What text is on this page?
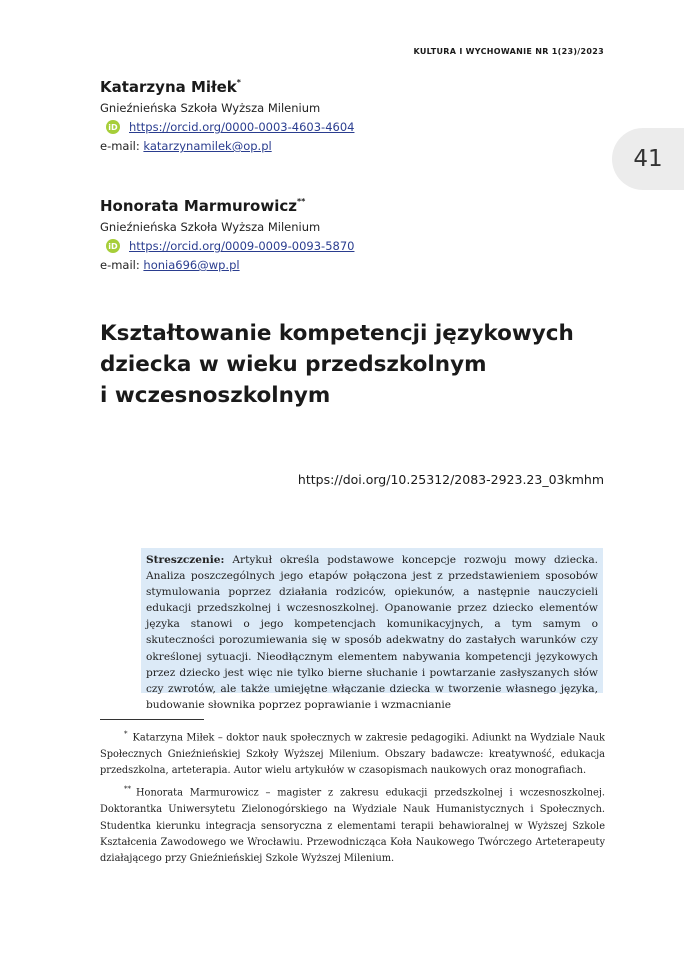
KULTURA I WYCHOWANIE NR 1(23)/2023
41
Katarzyna Miłek*
Gnieźnieńska Szkoła Wyższa Milenium
iD https://orcid.org/0000-0003-4603-4604
e-mail: katarzynamilek@op.pl
Honorata Marmurowicz**
Gnieźnieńska Szkoła Wyższa Milenium
iD https://orcid.org/0009-0009-0093-5870
e-mail: honia696@wp.pl
Kształtowanie kompetencji językowych
dziecka w wieku przedszkolnym
i wczesnoszkolnym
https://doi.org/10.25312/2083-2923.23_03kmhm
Streszczenie: Artykuł określa podstawowe koncepcje rozwoju mowy dziecka. Analiza poszczególnych jego etapów połączona jest z przedstawieniem sposobów stymulowania poprzez działania rodziców, opiekunów, a następnie nauczycieli edukacji przedszkolnej i wczesnoszkolnej. Opanowanie przez dziecko elementów języka stanowi o jego kompetencjach komunikacyjnych, a tym samym o skuteczności porozumiewania się w sposób adekwatny do zastałych warunków czy określonej sytuacji. Nieodłącznym elementem nabywania kompetencji językowych przez dziecko jest więc nie tylko bierne słuchanie i powtarzanie zasłyszanych słów czy zwrotów, ale także umiejętne włączanie dziecka w tworzenie własnego języka, budowanie słownika poprzez poprawianie i wzmacnianie

* Katarzyna Miłek – doktor nauk społecznych w zakresie pedagogiki. Adiunkt na Wydziale Nauk Społecznych Gnieźnieńskiej Szkoły Wyższej Milenium. Obszary badawcze: kreatywność, edukacja przedszkolna, arteterapia. Autor wielu artykułów w czasopismach naukowych oraz monografiach.

** Honorata Marmurowicz – magister z zakresu edukacji przedszkolnej i wczesnoszkolnej. Doktorantka Uniwersytetu Zielonogórskiego na Wydziale Nauk Humanistycznych i Społecznych. Studentka kierunku integracja sensoryczna z elementami terapii behawioralnej w Wyższej Szkole Kształcenia Zawodowego we Wrocławiu. Przewodnicząca Koła Naukowego Twórczego Arteterapeuty działającego przy Gnieźnieńskiej Szkole Wyższej Milenium.
